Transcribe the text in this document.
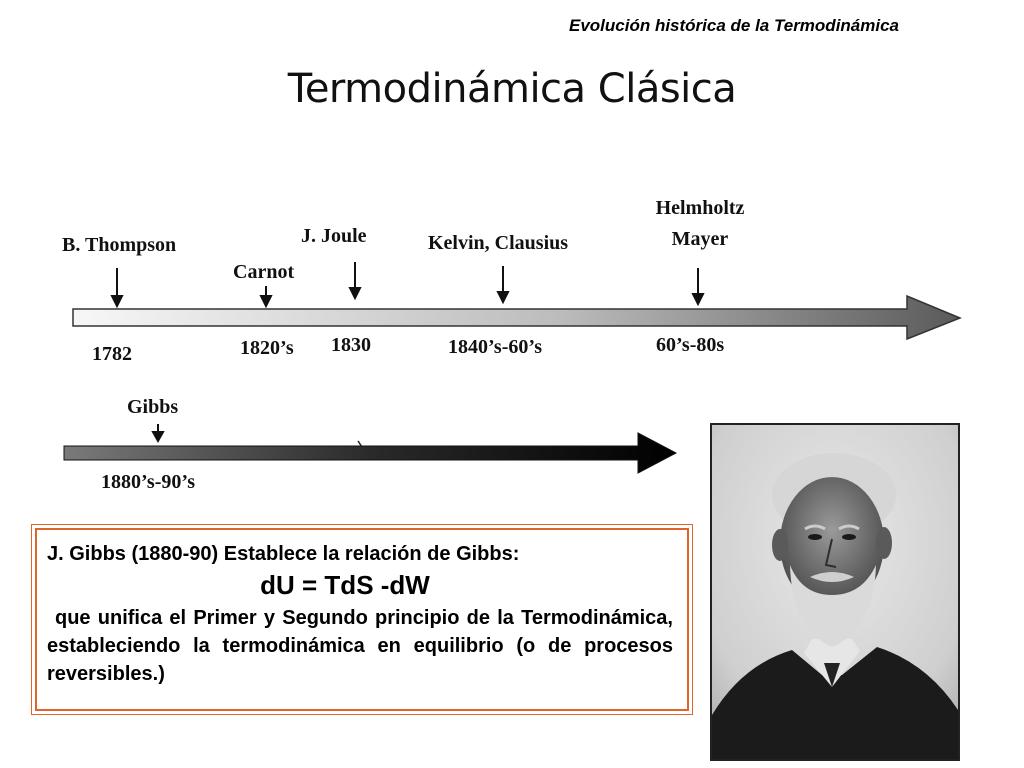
Evolución histórica de la Termodinámica
Termodinámica Clásica
B. Thompson
1782
Carnot
1820’s
J. Joule
1830
Kelvin, Clausius
1840’s-60’s
Helmholtz
Mayer
60’s-80s
Gibbs
1880’s-90’s
J. Gibbs (1880-90) Establece la relación de Gibbs:
dU = TdS -dW
que unifica el Primer y Segundo principio de la Termodinámica, estableciendo la termodinámica en equilibrio (o de procesos reversibles.)
